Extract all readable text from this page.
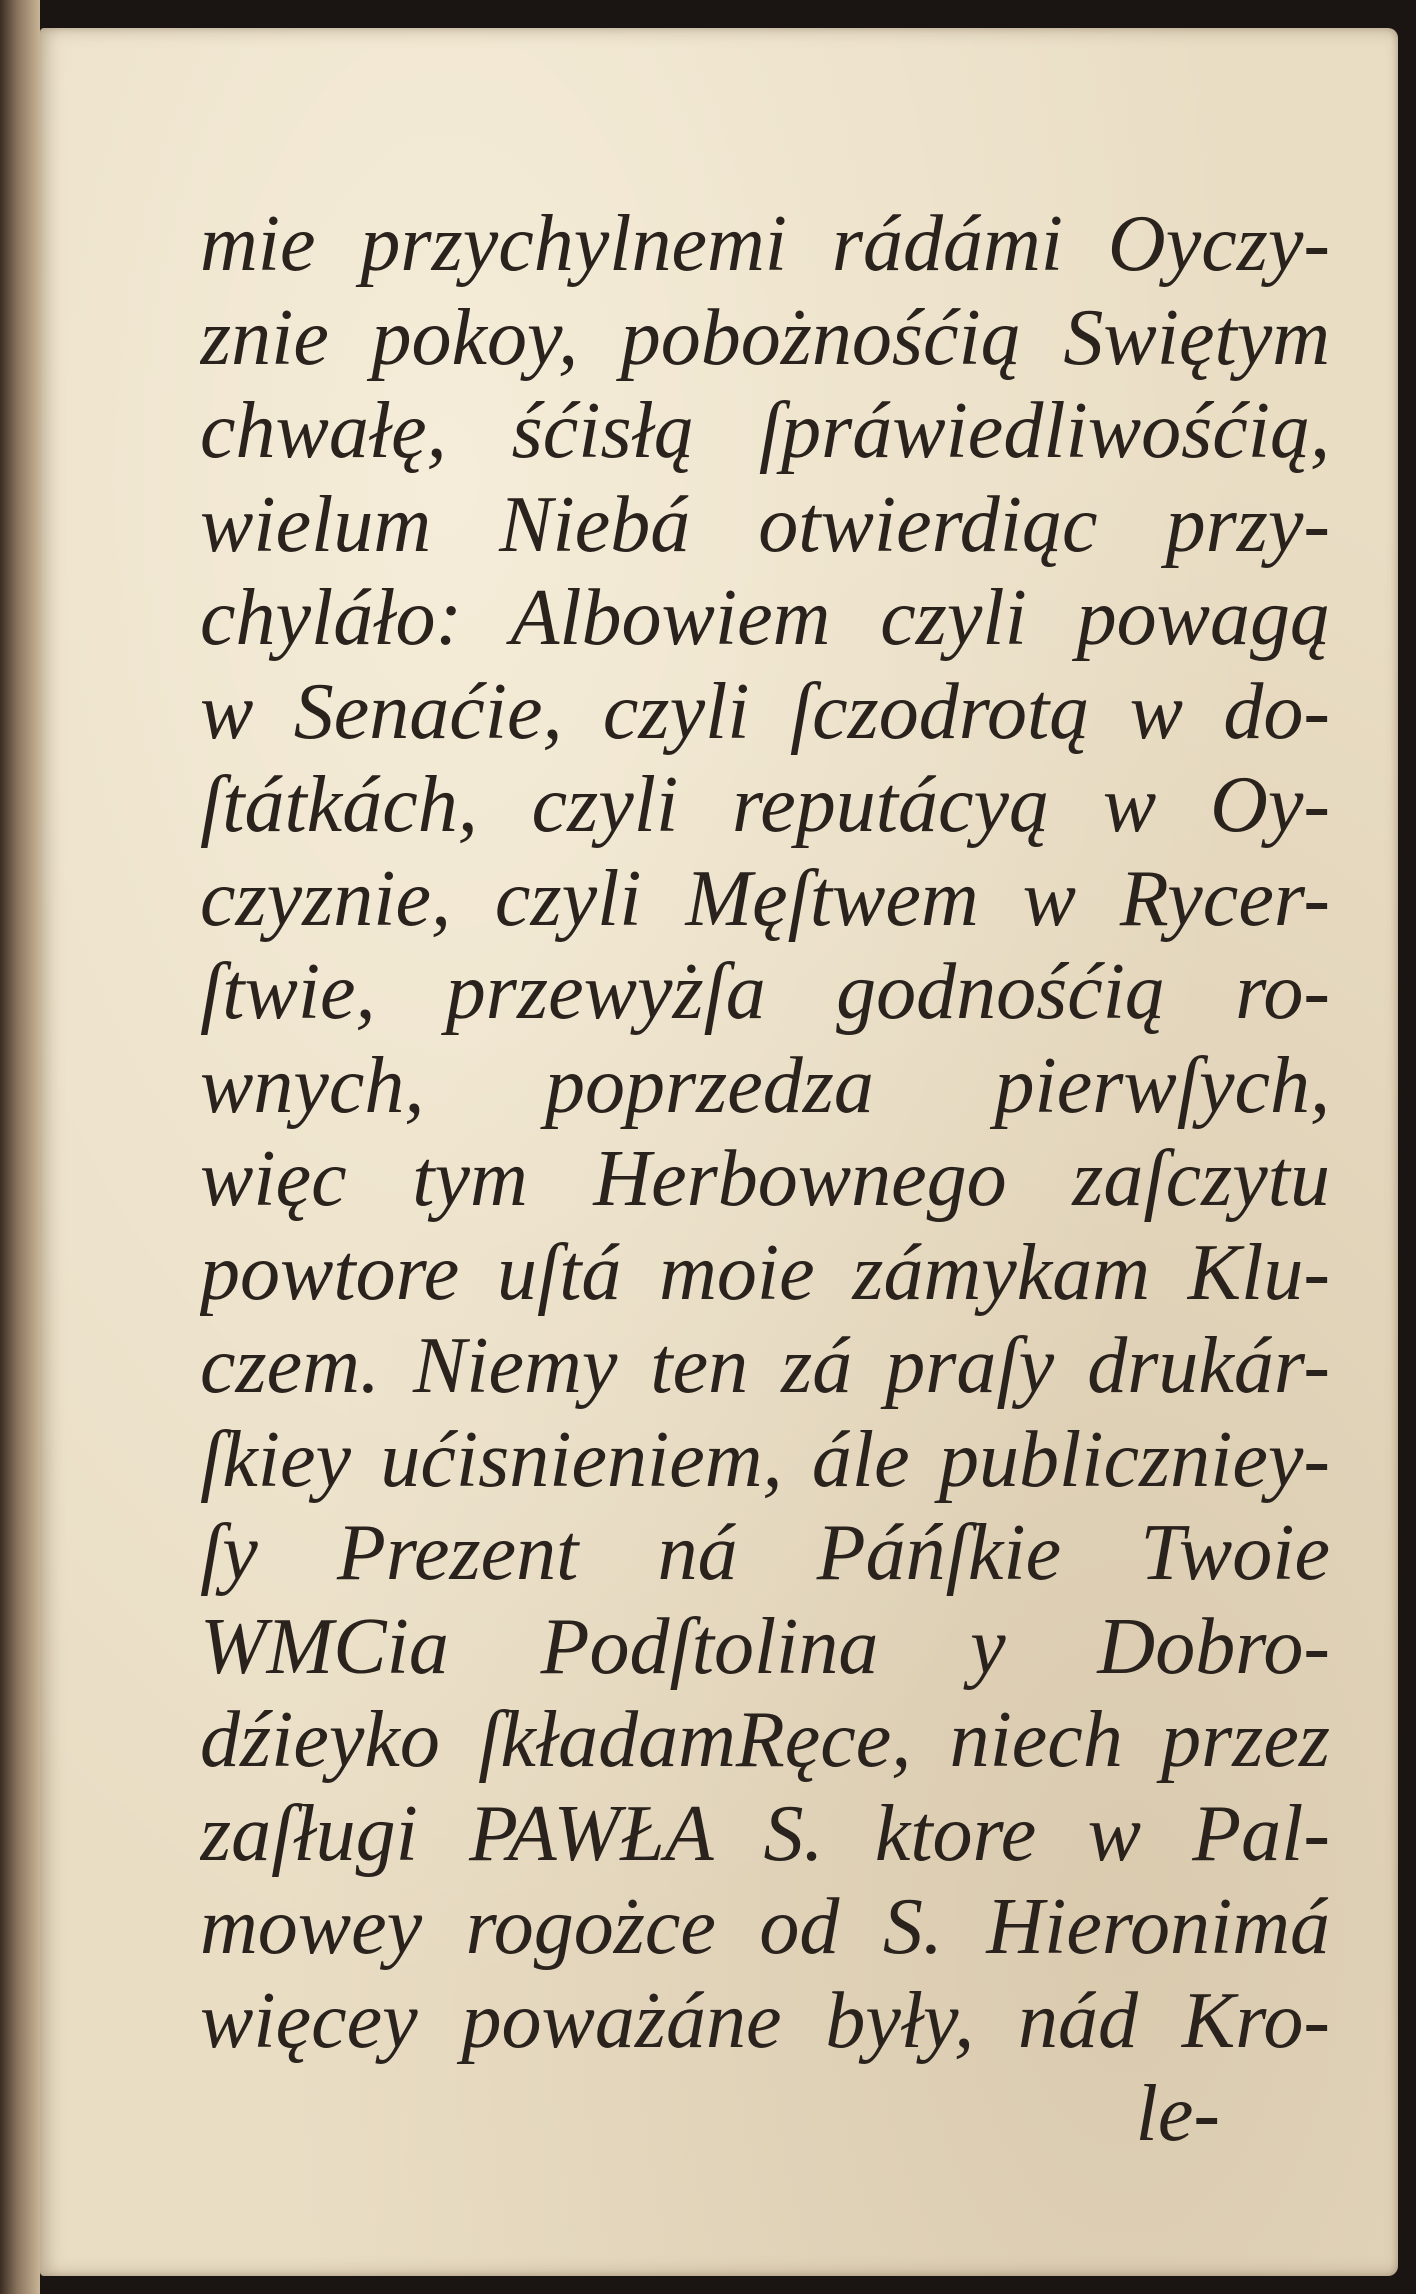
mie przychylnemi rádámi Oyczy-
znie pokoy, pobożnośćią Swiętym
chwałę, śćisłą ſpráwiedliwośćią,
wielum Niebá otwierdiąc przy-
chyláło: Albowiem czyli powagą
w Senaćie, czyli ſczodrotą w do-
ſtátkách, czyli reputácyą w Oy-
czyznie, czyli Męſtwem w Rycer-
ſtwie, przewyżſa godnośćią ro-
wnych, poprzedza pierwſych,
więc tym Herbownego zaſczytu
powtore uſtá moie zámykam Klu-
czem. Niemy ten zá praſy drukár-
ſkiey ućisnieniem, ále publiczniey-
ſy Prezent ná Páńſkie Twoie
WMCia Podſtolina y Dobro-
dźieyko ſkładamRęce, niech przez
zaſługi PAWŁA S. ktore w Pal-
mowey rogożce od S. Hieronimá
więcey poważáne były, nád Kro-
le-
